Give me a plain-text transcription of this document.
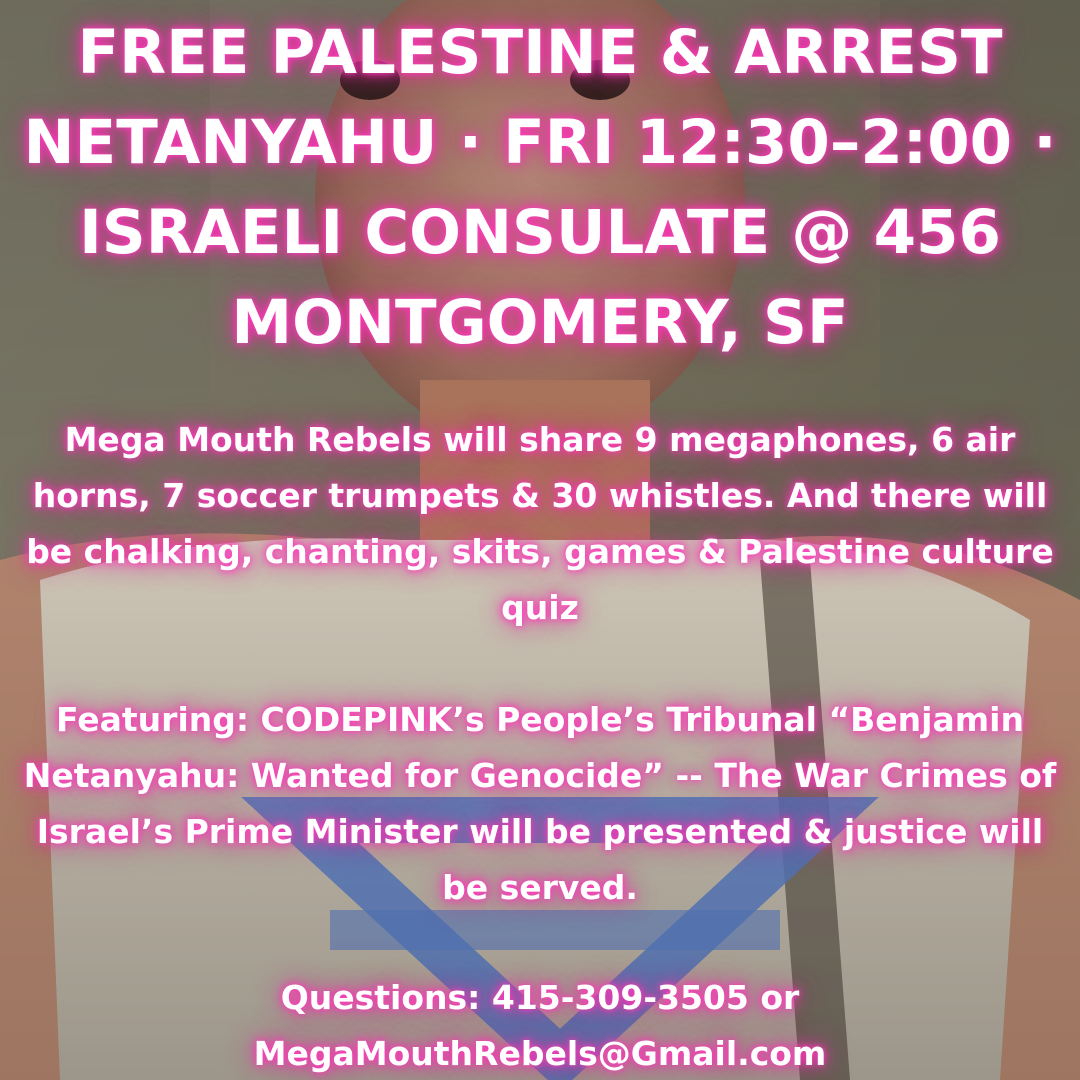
FREE PALESTINE & ARREST NETANYAHU · FRI 12:30–2:00 · ISRAELI CONSULATE @ 456 MONTGOMERY, SF
Mega Mouth Rebels will share 9 megaphones, 6 air horns, 7 soccer trumpets & 30 whistles. And there will be chalking, chanting, skits, games & Palestine culture quiz
Featuring: CODEPINK’s People’s Tribunal “Benjamin Netanyahu: Wanted for Genocide” -- The War Crimes of Israel’s Prime Minister will be presented & justice will be served.
Questions: 415-309-3505 or
MegaMouthRebels@Gmail.com
